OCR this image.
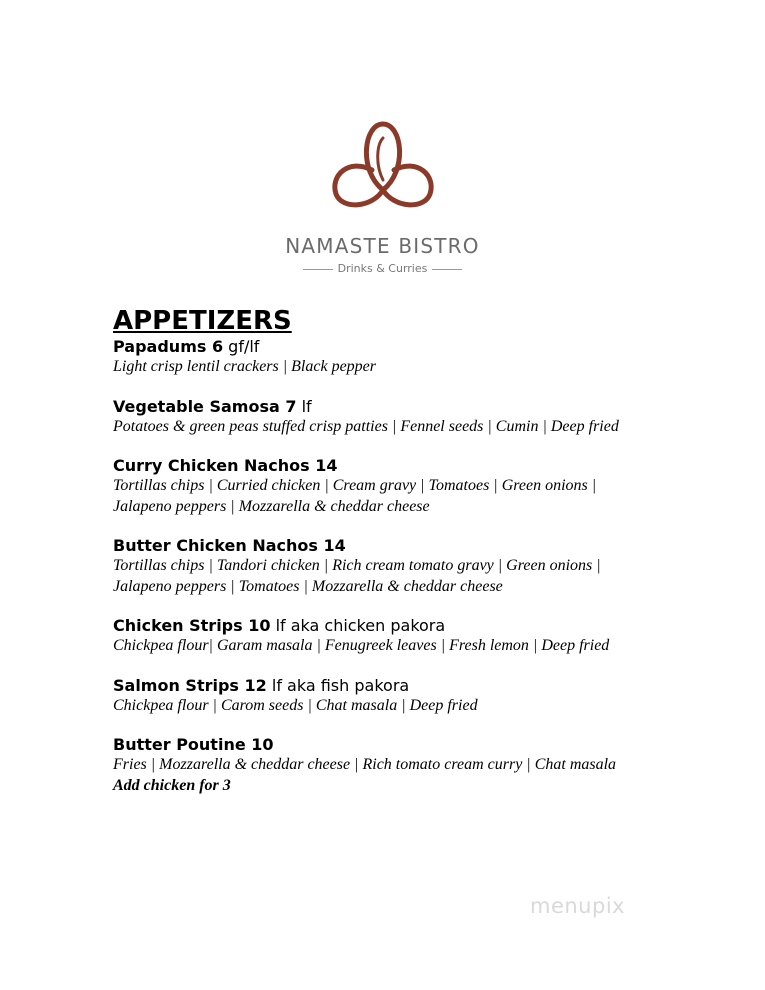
NAMASTE BISTRO
Drinks & Curries
APPETIZERS
Papadums 6 gf/lf
Light crisp lentil crackers | Black pepper
Vegetable Samosa 7 lf
Potatoes & green peas stuffed crisp patties | Fennel seeds | Cumin | Deep fried
Curry Chicken Nachos 14
Tortillas chips | Curried chicken | Cream gravy | Tomatoes | Green onions | Jalapeno peppers | Mozzarella & cheddar cheese
Butter Chicken Nachos 14
Tortillas chips | Tandori chicken | Rich cream tomato gravy | Green onions | Jalapeno peppers | Tomatoes | Mozzarella & cheddar cheese
Chicken Strips 10 lf aka chicken pakora
Chickpea flour| Garam masala | Fenugreek leaves | Fresh lemon | Deep fried
Salmon Strips 12 lf aka fish pakora
Chickpea flour | Carom seeds | Chat masala | Deep fried
Butter Poutine 10
Fries | Mozzarella & cheddar cheese | Rich tomato cream curry | Chat masala
Add chicken for 3
menupix
